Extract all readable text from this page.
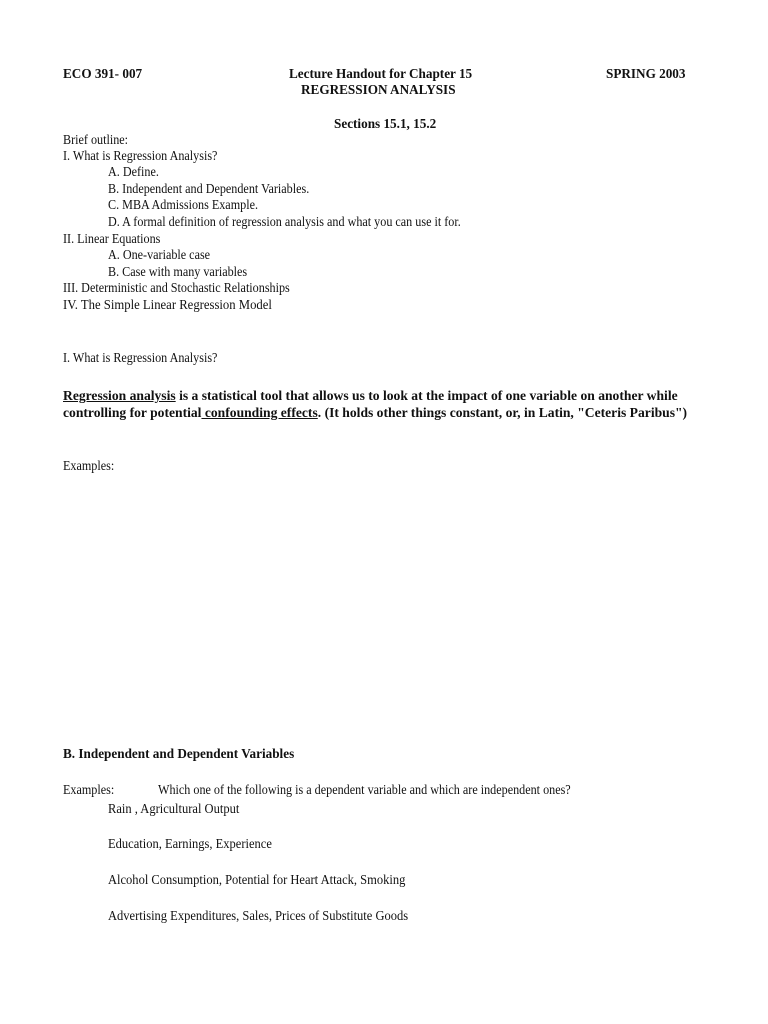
ECO 391- 007	Lecture Handout for Chapter 15	SPRING 2003
REGRESSION ANALYSIS
Sections 15.1, 15.2
Brief outline:
I. What is Regression Analysis?
A. Define.
B. Independent and Dependent Variables.
C. MBA Admissions Example.
D. A formal definition of regression analysis and what you can use it for.
II. Linear Equations
A. One-variable case
B. Case with many variables
III. Deterministic and Stochastic Relationships
IV. The Simple Linear Regression Model
I. What is Regression Analysis?
Regression analysis is a statistical tool that allows us to look at the impact of one variable on another while controlling for potential confounding effects. (It holds other things constant, or, in Latin, "Ceteris Paribus")
Examples:
B. Independent and Dependent Variables
Examples:	Which one of the following is a dependent variable and which are independent ones?
Rain , Agricultural Output
Education, Earnings, Experience
Alcohol Consumption, Potential for Heart Attack, Smoking
Advertising Expenditures, Sales, Prices of Substitute Goods
